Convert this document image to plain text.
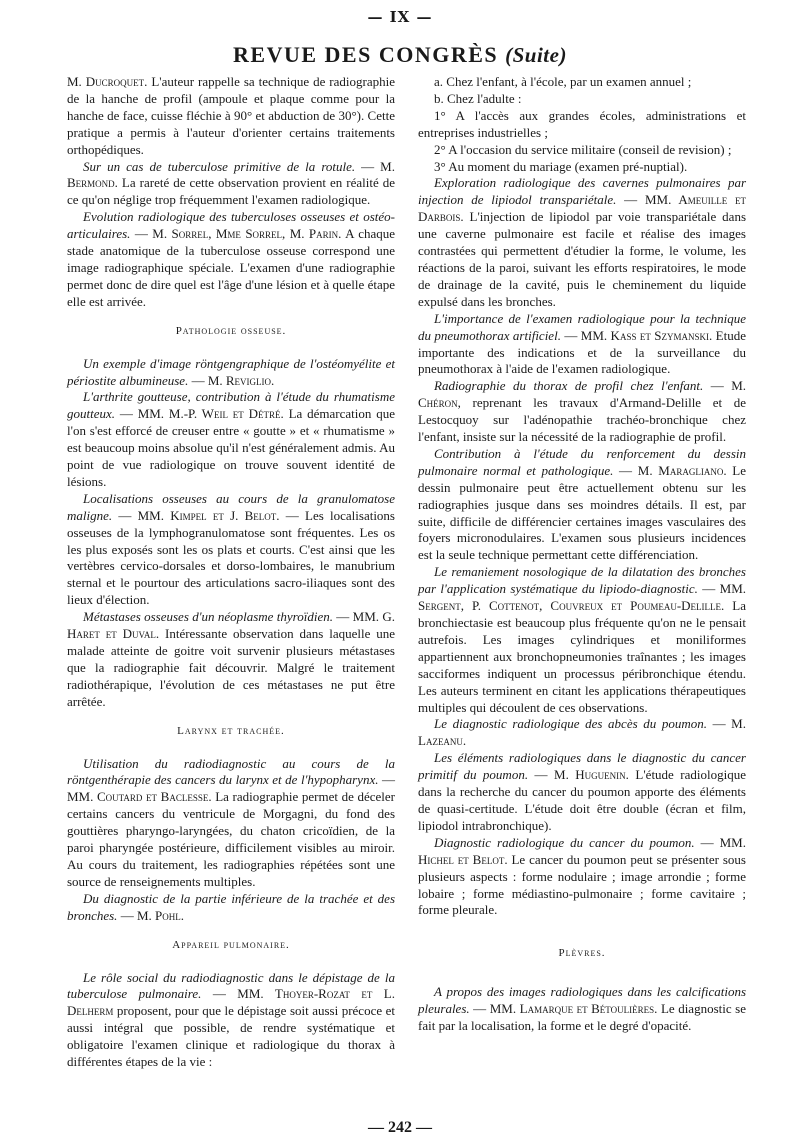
— IX —
REVUE DES CONGRÈS (Suite)

M. Ducroquet. L'auteur rappelle sa technique de radiographie de la hanche de profil (ampoule et plaque comme pour la hanche de face, cuisse fléchie à 90° et abduction de 30°). Cette pratique a permis à l'auteur d'orienter certains traitements orthopédiques.

Sur un cas de tuberculose primitive de la rotule. — M. Bermond. La rareté de cette observation provient en réalité de ce qu'on néglige trop fréquemment l'examen radiologique.

Evolution radiologique des tuberculoses osseuses et ostéo-articulaires. — M. Sorrel, Mme Sorrel, M. Parin. A chaque stade anatomique de la tuberculose osseuse correspond une image radiographique spéciale. L'examen d'une radiographie permet donc de dire quel est l'âge d'une lésion et à quelle étape elle est arrivée.

Pathologie osseuse.

Un exemple d'image röntgengraphique de l'ostéomyélite et périostite albumineuse. — M. Reviglio.

L'arthrite goutteuse, contribution à l'étude du rhumatisme goutteux. — MM. M.-P. Weil et Détré. La démarcation que l'on s'est efforcé de creuser entre « goutte » et « rhumatisme » est beaucoup moins absolue qu'il n'est généralement admis. Au point de vue radiologique on trouve souvent identité de lésions.

Localisations osseuses au cours de la granulomatose maligne. — MM. Kimpel et J. Belot. — Les localisations osseuses de la lymphogranulomatose sont fréquentes. Les os les plus exposés sont les os plats et courts. C'est ainsi que les vertèbres cervico-dorsales et dorso-lombaires, le manubrium sternal et le pourtour des articulations sacro-iliaques sont des lieux d'élection.

Métastases osseuses d'un néoplasme thyroïdien. — MM. G. Haret et Duval. Intéressante observation dans laquelle une malade atteinte de goitre voit survenir plusieurs métastases que la radiographie fait découvrir. Malgré le traitement radiothérapique, l'évolution de ces métastases ne put être arrêtée.

Larynx et trachée.

Utilisation du radiodiagnostic au cours de la röntgenthérapie des cancers du larynx et de l'hypopharynx. — MM. Coutard et Baclesse. La radiographie permet de déceler certains cancers du ventricule de Morgagni, du fond des gouttières pharyngo-laryngées, du chaton cricoïdien, de la paroi pharyngée postérieure, difficilement visibles au miroir. Au cours du traitement, les radiographies répétées sont une source de renseignements multiples.

Du diagnostic de la partie inférieure de la trachée et des bronches. — M. Pohl.

Appareil pulmonaire.

Le rôle social du radiodiagnostic dans le dépistage de la tuberculose pulmonaire. — MM. Thoyer-Rozat et L. Delherm proposent, pour que le dépistage soit aussi précoce et aussi intégral que possible, de rendre systématique et obligatoire l'examen clinique et radiologique du thorax à différentes étapes de la vie :

a. Chez l'enfant, à l'école, par un examen annuel ;

b. Chez l'adulte :

1° A l'accès aux grandes écoles, administrations et entreprises industrielles ;

2° A l'occasion du service militaire (conseil de revision) ;

3° Au moment du mariage (examen pré-nuptial).

Exploration radiologique des cavernes pulmonaires par injection de lipiodol transpariétale. — MM. Ameuille et Darbois. L'injection de lipiodol par voie transpariétale dans une caverne pulmonaire est facile et réalise des images contrastées qui permettent d'étudier la forme, le volume, les réactions de la paroi, suivant les efforts respiratoires, le mode de drainage de la cavité, puis le cheminement du liquide expulsé dans les bronches.

L'importance de l'examen radiologique pour la technique du pneumothorax artificiel. — MM. Kass et Szymanski. Etude importante des indications et de la surveillance du pneumothorax à l'aide de l'examen radiologique.

Radiographie du thorax de profil chez l'enfant. — M. Chéron, reprenant les travaux d'Armand-Delille et de Lestocquoy sur l'adénopathie trachéo-bronchique chez l'enfant, insiste sur la nécessité de la radiographie de profil.

Contribution à l'étude du renforcement du dessin pulmonaire normal et pathologique. — M. Maragliano. Le dessin pulmonaire peut être actuellement obtenu sur les radiographies jusque dans ses moindres détails. Il est, par suite, difficile de différencier certaines images vasculaires des foyers micronodulaires. L'examen sous plusieurs incidences est la seule technique permettant cette différenciation.

Le remaniement nosologique de la dilatation des bronches par l'application systématique du lipiodo-diagnostic. — MM. Sergent, P. Cottenot, Couvreux et Poumeau-Delille. La bronchiectasie est beaucoup plus fréquente qu'on ne le pensait autrefois. Les images cylindriques et moniliformes appartiennent aux bronchopneumonies traînantes ; les images sacciformes indiquent un processus péribronchique étendu. Les auteurs terminent en citant les applications thérapeutiques multiples qui découlent de ces observations.

Le diagnostic radiologique des abcès du poumon. — M. Lazeanu.

Les éléments radiologiques dans le diagnostic du cancer primitif du poumon. — M. Huguenin. L'étude radiologique dans la recherche du cancer du poumon apporte des éléments de quasi-certitude. L'étude doit être double (écran et film, lipiodol intrabronchique).

Diagnostic radiologique du cancer du poumon. — MM. Hichel et Belot. Le cancer du poumon peut se présenter sous plusieurs aspects : forme nodulaire ; image arrondie ; forme lobaire ; forme médiastino-pulmonaire ; forme cavitaire ; forme pleurale.

Plèvres.

A propos des images radiologiques dans les calcifications pleurales. — MM. Lamarque et Bétoulières. Le diagnostic se fait par la localisation, la forme et le degré d'opacité.

— 242 —
